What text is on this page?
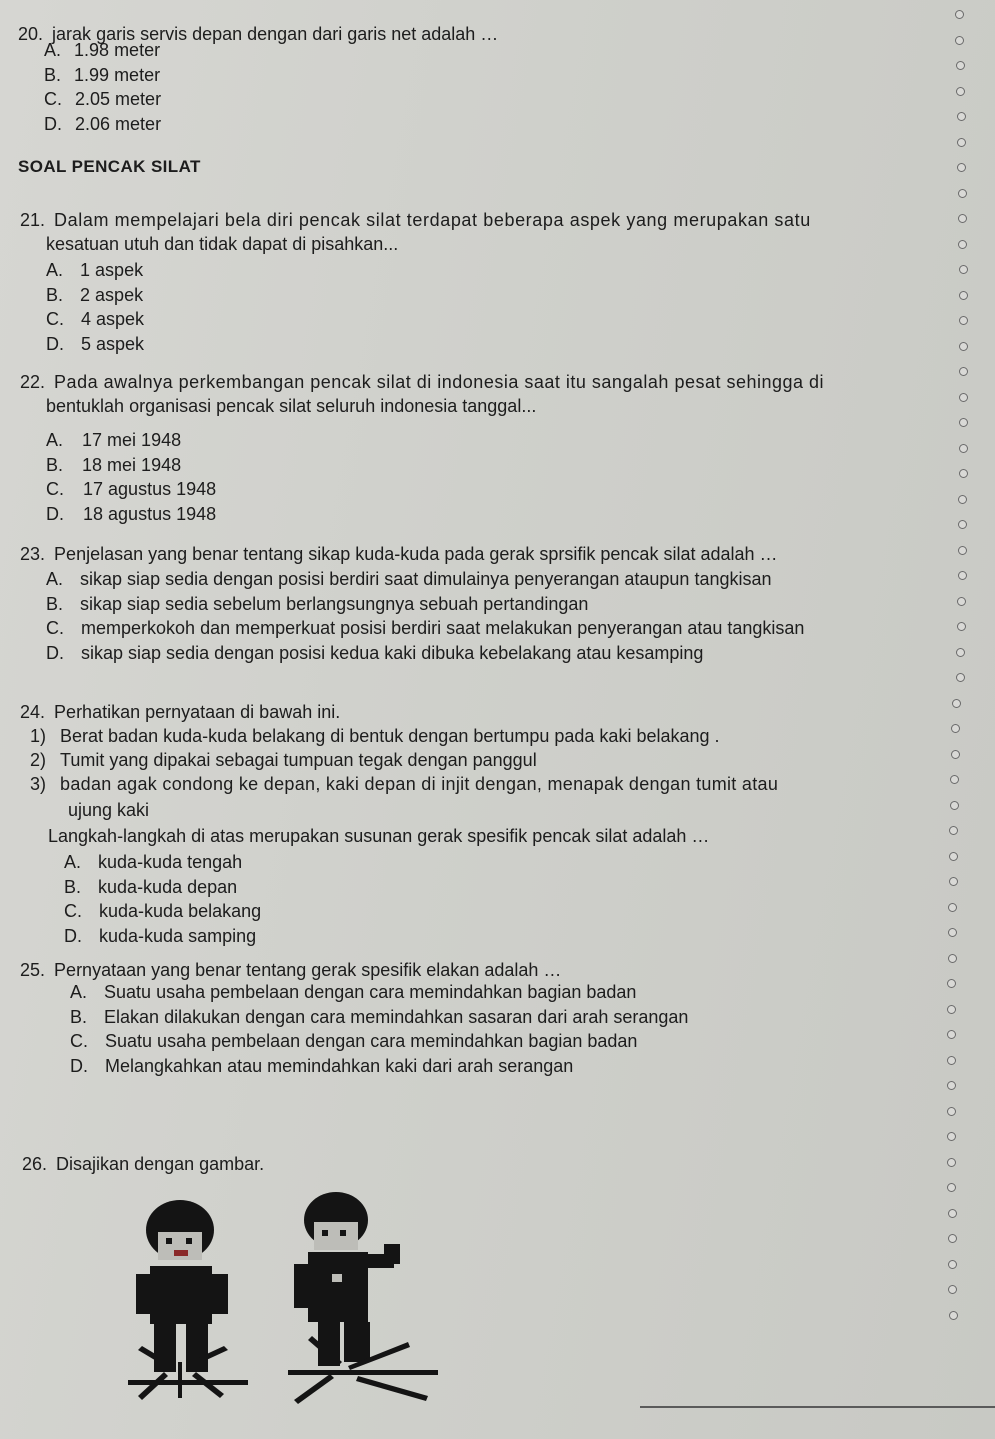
20. jarak garis servis depan dengan dari garis net adalah …
A. 1.98 meter
B. 1.99 meter
C. 2.05 meter
D. 2.06 meter
SOAL PENCAK SILAT
21. Dalam mempelajari bela diri pencak silat terdapat beberapa aspek yang merupakan satu
kesatuan utuh dan tidak dapat di pisahkan...
A. 1 aspek
B. 2 aspek
C. 4 aspek
D. 5 aspek
22. Pada awalnya perkembangan pencak silat di indonesia saat itu sangalah pesat sehingga di
bentuklah organisasi pencak silat seluruh indonesia tanggal...
A. 17 mei 1948
B. 18 mei 1948
C. 17 agustus 1948
D. 18 agustus 1948
23. Penjelasan yang benar tentang sikap kuda-kuda pada gerak sprsifik pencak silat adalah …
A. sikap siap sedia dengan posisi berdiri saat dimulainya penyerangan ataupun tangkisan
B. sikap siap sedia sebelum berlangsungnya sebuah pertandingan
C. memperkokoh dan memperkuat posisi berdiri saat melakukan penyerangan atau tangkisan
D. sikap siap sedia dengan posisi kedua kaki dibuka kebelakang atau kesamping
24. Perhatikan pernyataan di bawah ini.
1) Berat badan kuda-kuda belakang di bentuk dengan bertumpu pada kaki belakang .
2) Tumit yang dipakai sebagai tumpuan tegak dengan panggul
3) badan agak condong ke depan, kaki depan di injit dengan, menapak dengan tumit atau
ujung kaki
Langkah-langkah di atas merupakan susunan gerak spesifik pencak silat adalah …
A. kuda-kuda tengah
B. kuda-kuda depan
C. kuda-kuda belakang
D. kuda-kuda samping
25. Pernyataan yang benar tentang gerak spesifik elakan adalah …
A. Suatu usaha pembelaan dengan cara memindahkan bagian badan
B. Elakan dilakukan dengan cara memindahkan sasaran dari arah serangan
C. Suatu usaha pembelaan dengan cara memindahkan bagian badan
D. Melangkahkan atau memindahkan kaki dari arah serangan
26. Disajikan dengan gambar.
